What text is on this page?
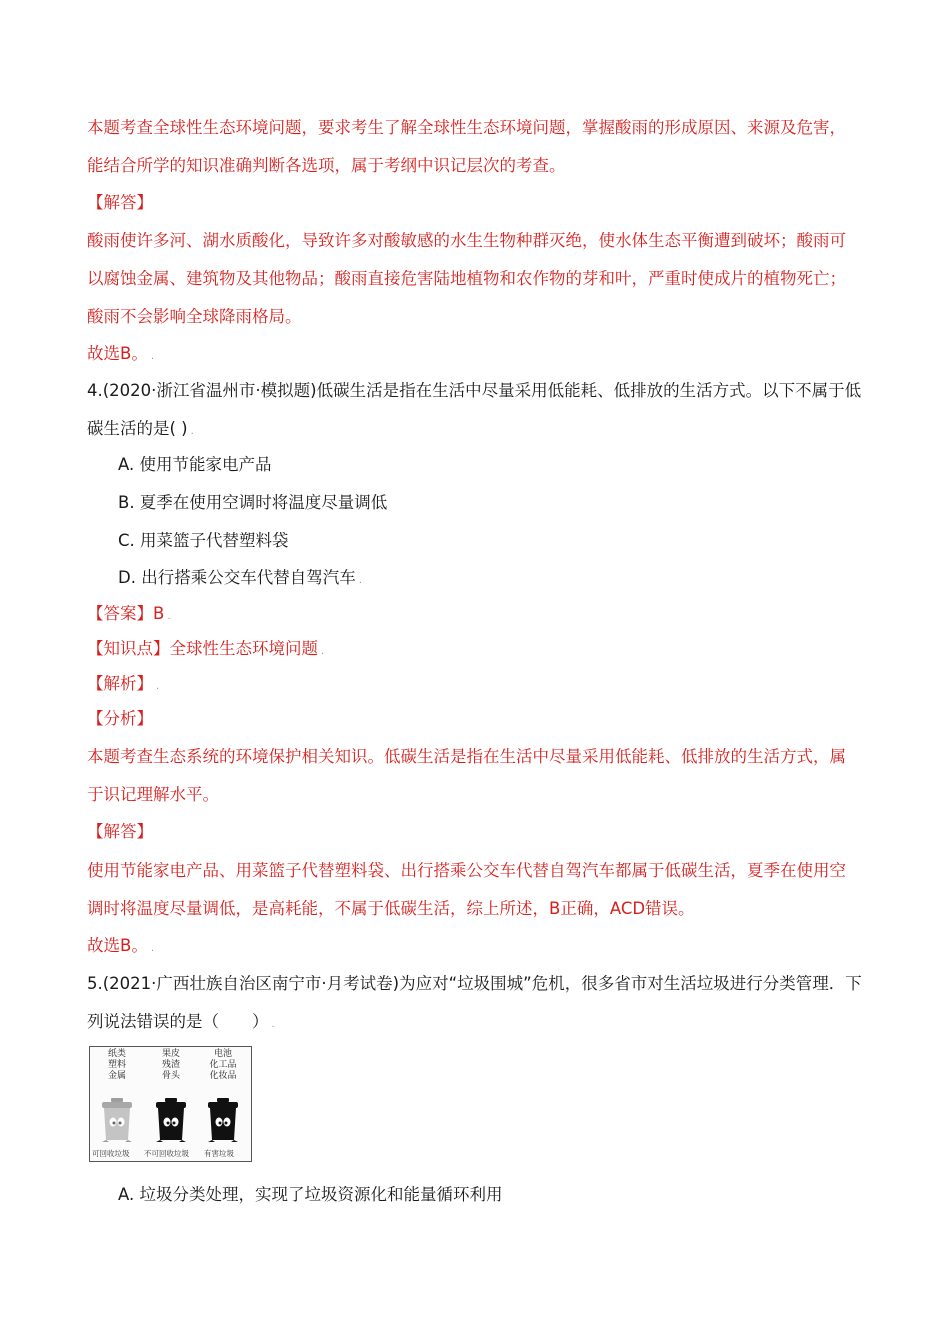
本题考查全球性生态环境问题，要求考生了解全球性生态环境问题，掌握酸雨的形成原因、来源及危害，
能结合所学的知识准确判断各选项，属于考纲中识记层次的考查。
【解答】
酸雨使许多河、湖水质酸化，导致许多对酸敏感的水生生物种群灭绝，使水体生态平衡遭到破坏；酸雨可
以腐蚀金属、建筑物及其他物品；酸雨直接危害陆地植物和农作物的芽和叶，严重时使成片的植物死亡；
酸雨不会影响全球降雨格局。
故选B。 .
4.(2020·浙江省温州市·模拟题)低碳生活是指在生活中尽量采用低能耗、低排放的生活方式。以下不属于低
碳生活的是( ) .
A. 使用节能家电产品
B. 夏季在使用空调时将温度尽量调低
C. 用菜篮子代替塑料袋
D. 出行搭乘公交车代替自驾汽车 .
【答案】B .
【知识点】全球性生态环境问题 .
【解析】 .
【分析】
本题考查生态系统的环境保护相关知识。低碳生活是指在生活中尽量采用低能耗、低排放的生活方式，属
于识记理解水平。
【解答】
使用节能家电产品、用菜篮子代替塑料袋、出行搭乘公交车代替自驾汽车都属于低碳生活，夏季在使用空
调时将温度尽量调低，是高耗能，不属于低碳生活，综上所述，B正确，ACD错误。
故选B。 .
5.(2021·广西壮族自治区南宁市·月考试卷)为应对“垃圾围城”危机，很多省市对生活垃圾进行分类管理．下
列说法错误的是（　　） .
纸类
塑料
金属
果皮
残渣
骨头
电池
化工品
化妆品
可回收垃圾 不可回收垃圾 有害垃圾
A. 垃圾分类处理，实现了垃圾资源化和能量循环利用
